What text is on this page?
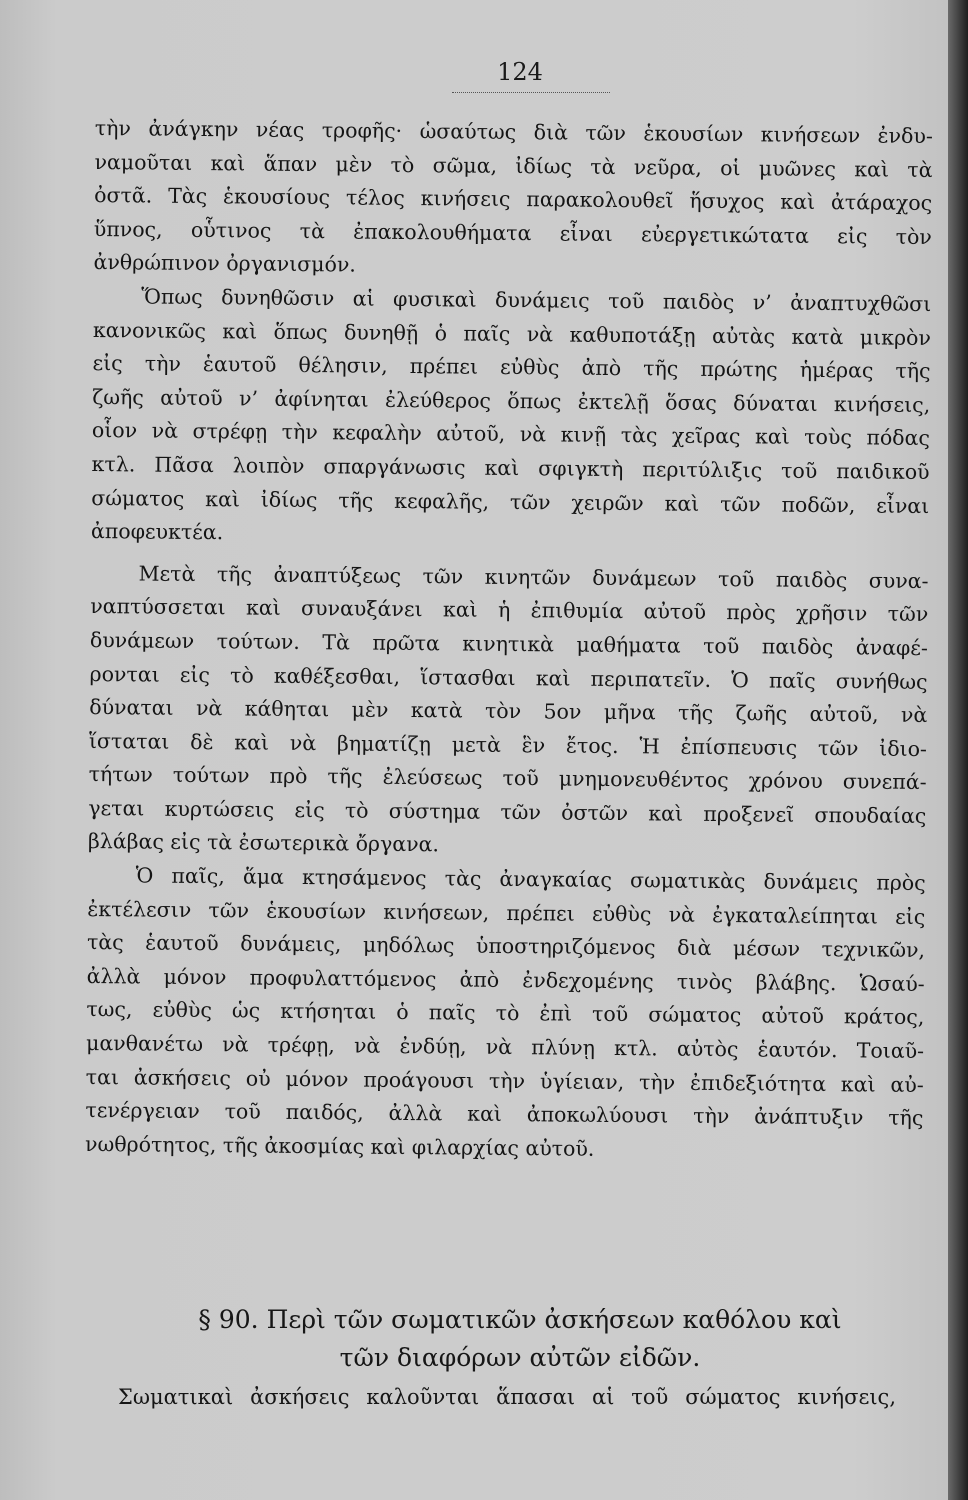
124
τὴν ἀνάγκην νέας τροφῆς· ὡσαύτως διὰ τῶν ἑκουσίων κινήσεων ἐνδυ-
ναμοῦται καὶ ἅπαν μὲν τὸ σῶμα, ἰδίως τὰ νεῦρα, οἱ μυῶνες καὶ τὰ
ὀστᾶ. Τὰς ἑκουσίους τέλος κινήσεις παρακολουθεῖ ἥσυχος καὶ ἀτάραχος
ὕπνος, οὗτινος τὰ ἐπακολουθήματα εἶναι εὐεργετικώτατα εἰς τὸν
ἀνθρώπινον ὀργανισμόν.
Ὅπως δυνηθῶσιν αἱ φυσικαὶ δυνάμεις τοῦ παιδὸς ν’ ἀναπτυχθῶσι
κανονικῶς καὶ ὅπως δυνηθῇ ὁ παῖς νὰ καθυποτάξῃ αὐτὰς κατὰ μικρὸν
εἰς τὴν ἑαυτοῦ θέλησιν, πρέπει εὐθὺς ἀπὸ τῆς πρώτης ἡμέρας τῆς
ζωῆς αὐτοῦ ν’ ἀφίνηται ἐλεύθερος ὅπως ἐκτελῇ ὅσας δύναται κινήσεις,
οἷον νὰ στρέφῃ τὴν κεφαλὴν αὐτοῦ, νὰ κινῇ τὰς χεῖρας καὶ τοὺς πόδας
κτλ. Πᾶσα λοιπὸν σπαργάνωσις καὶ σφιγκτὴ περιτύλιξις τοῦ παιδικοῦ
σώματος καὶ ἰδίως τῆς κεφαλῆς, τῶν χειρῶν καὶ τῶν ποδῶν, εἶναι
ἀποφευκτέα.
Μετὰ τῆς ἀναπτύξεως τῶν κινητῶν δυνάμεων τοῦ παιδὸς συνα-
ναπτύσσεται καὶ συναυξάνει καὶ ἡ ἐπιθυμία αὐτοῦ πρὸς χρῆσιν τῶν
δυνάμεων τούτων. Τὰ πρῶτα κινητικὰ μαθήματα τοῦ παιδὸς ἀναφέ-
ρονται εἰς τὸ καθέξεσθαι, ἵστασθαι καὶ περιπατεῖν. Ὁ παῖς συνήθως
δύναται νὰ κάθηται μὲν κατὰ τὸν 5ον μῆνα τῆς ζωῆς αὐτοῦ, νὰ
ἵσταται δὲ καὶ νὰ βηματίζῃ μετὰ ἓν ἔτος. Ἡ ἐπίσπευσις τῶν ἰδιο-
τήτων τούτων πρὸ τῆς ἐλεύσεως τοῦ μνημονευθέντος χρόνου συνεπά-
γεται κυρτώσεις εἰς τὸ σύστημα τῶν ὀστῶν καὶ προξενεῖ σπουδαίας
βλάβας εἰς τὰ ἐσωτερικὰ ὄργανα.
Ὁ παῖς, ἅμα κτησάμενος τὰς ἀναγκαίας σωματικὰς δυνάμεις πρὸς
ἐκτέλεσιν τῶν ἑκουσίων κινήσεων, πρέπει εὐθὺς νὰ ἐγκαταλείπηται εἰς
τὰς ἑαυτοῦ δυνάμεις, μηδόλως ὑποστηριζόμενος διὰ μέσων τεχνικῶν,
ἀλλὰ μόνον προφυλαττόμενος ἀπὸ ἐνδεχομένης τινὸς βλάβης. Ὡσαύ-
τως, εὐθὺς ὡς κτήσηται ὁ παῖς τὸ ἐπὶ τοῦ σώματος αὐτοῦ κράτος,
μανθανέτω νὰ τρέφῃ, νὰ ἐνδύῃ, νὰ πλύνῃ κτλ. αὐτὸς ἑαυτόν. Τοιαῦ-
ται ἀσκήσεις οὐ μόνον προάγουσι τὴν ὑγίειαν, τὴν ἐπιδεξιότητα καὶ αὐ-
τενέργειαν τοῦ παιδός, ἀλλὰ καὶ ἀποκωλύουσι τὴν ἀνάπτυξιν τῆς
νωθρότητος, τῆς ἀκοσμίας καὶ φιλαρχίας αὐτοῦ.
§ 90. Περὶ τῶν σωματικῶν ἀσκήσεων καθόλου καὶ
τῶν διαφόρων αὐτῶν εἰδῶν.
Σωματικαὶ ἀσκήσεις καλοῦνται ἅπασαι αἱ τοῦ σώματος κινήσεις,
